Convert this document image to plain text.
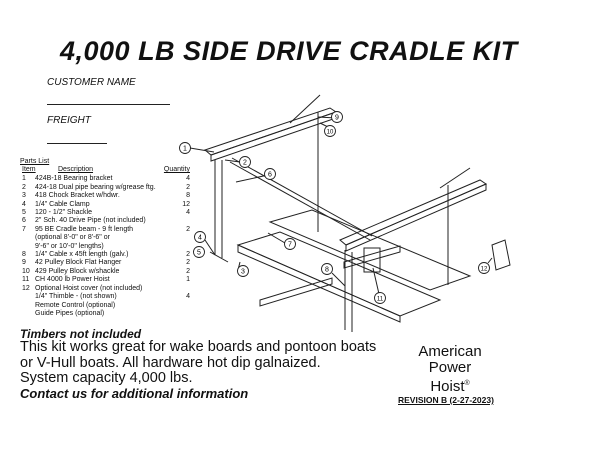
4,000 LB SIDE DRIVE CRADLE KIT
CUSTOMER NAME
FREIGHT
Parts List
Item	Description	Quantity
1 424B-18 Bearing bracket	4
2 424-18 Dual pipe bearing w/grease ftg.	2
3 418 Chock Bracket w/hdwr.	8
4 1/4" Cable Clamp	12
5 120 - 1/2" Shackle	4
6 2" Sch. 40 Drive Pipe (not included)
7 95 BE Cradle beam - 9 ft length	2
(optional 8'-0" or 8'-6" or
9'-6" or 10'-0" lengths)
8 1/4" Cable x 45ft length (galv.)	2
9 42 Pulley Block Flat Hanger	2
10 429 Pulley Block w/shackle	2
11 CH 4000 lb Power Hoist	1
12 Optional Hoist cover (not included)
1/4" Thimble - (not shown)	4
Remote Control (optional)
Guide Pipes (optional)
Timbers not included
This kit works great for wake boards and pontoon boats
or V-Hull boats. All hardware hot dip galnaized.
System capacity 4,000 lbs.
Contact us for additional information
American
Power
Hoist®
REVISION B (2-27-2023)
1
2
3
4
5
6
7
8
9
10
11
12
